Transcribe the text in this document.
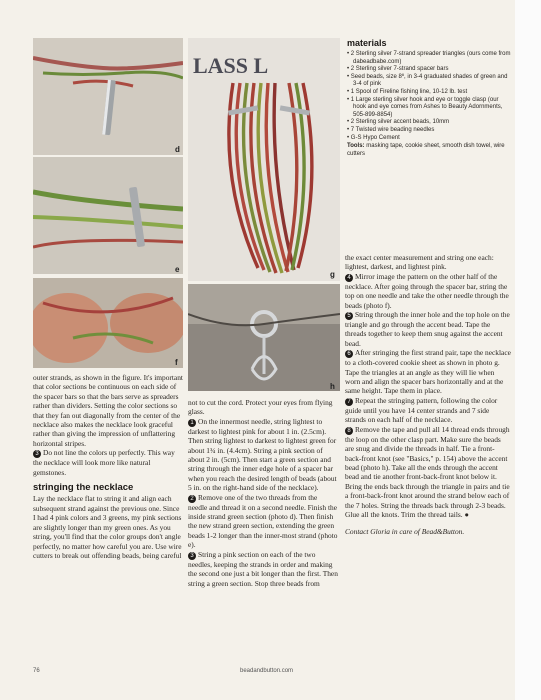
d
e
f
LASS L
g
h
materials
• 2 Sterling silver 7-strand spreader triangles (ours come from dabeadbabe.com)
• 2 Sterling silver 7-strand spacer bars
• Seed beads, size 8º, in 3-4 graduated shades of green and 3-4 of pink
• 1 Spool of Fireline fishing line, 10-12 lb. test
• 1 Large sterling silver hook and eye or toggle clasp (our hook and eye comes from Ashes to Beauty Adornments, 505-899-8854)
• 2 Sterling silver accent beads, 10mm
• 7 Twisted wire beading needles
• G-S Hypo Cement
Tools: masking tape, cookie sheet, smooth dish towel, wire cutters

outer strands, as shown in the figure. It's important that color sections be continuous on each side of the spacer bars so that the bars serve as spreaders rather than dividers. Setting the color sections so that they fan out diagonally from the center of the necklace also makes the necklace look graceful rather than giving the impression of unflattering horizontal stripes.

3 Do not line the colors up perfectly. This way the necklace will look more like natural gemstones.

stringing the necklace

Lay the necklace flat to string it and align each subsequent strand against the previous one. Since I had 4 pink colors and 3 greens, my pink sections are slightly longer than my green ones. As you string, you'll find that the color groups don't angle perfectly, no matter how careful you are. Use wire cutters to break out offending beads, being careful

not to cut the cord. Protect your eyes from flying glass.

1 On the innermost needle, string lightest to darkest to lightest pink for about 1 in. (2.5cm). Then string lightest to darkest to lightest green for about 1¾ in. (4.4cm). String a pink section of about 2 in. (5cm). Then start a green section and string through the inner edge hole of a spacer bar when you reach the desired length of beads (about 5 in. on the right-hand side of the necklace).

2 Remove one of the two threads from the needle and thread it on a second needle. Finish the inside strand green section (photo d). Then finish the new strand green section, extending the green beads 1-2 longer than the inner-most strand (photo e).

3 String a pink section on each of the two needles, keeping the strands in order and making the second one just a bit longer than the first. Then string a green section. Stop three beads from

the exact center measurement and string one each: lightest, darkest, and lightest pink.

4 Mirror image the pattern on the other half of the necklace. After going through the spacer bar, string the top on one needle and take the other needle through the beads (photo f).

5 String through the inner hole and the top hole on the triangle and go through the accent bead. Tape the threads together to keep them snug against the accent bead.

6 After stringing the first strand pair, tape the necklace to a cloth-covered cookie sheet as shown in photo g. Tape the triangles at an angle as they will lie when worn and align the spacer bars horizontally and at the same height. Tape them in place.

7 Repeat the stringing pattern, following the color guide until you have 14 center strands and 7 side strands on each half of the necklace.

8 Remove the tape and pull all 14 thread ends through the loop on the other clasp part. Make sure the beads are snug and divide the threads in half. Tie a front-back-front knot (see "Basics," p. 154) above the accent bead (photo h). Take all the ends through the accent bead and tie another front-back-front knot below it. Bring the ends back through the triangle in pairs and tie a front-back-front knot around the strand below each of the 7 holes. String the threads back through 2-3 beads. Glue all the knots. Trim the thread tails. ●

Contact Gloria in care of Bead&Button.

76	beadandbutton.com
